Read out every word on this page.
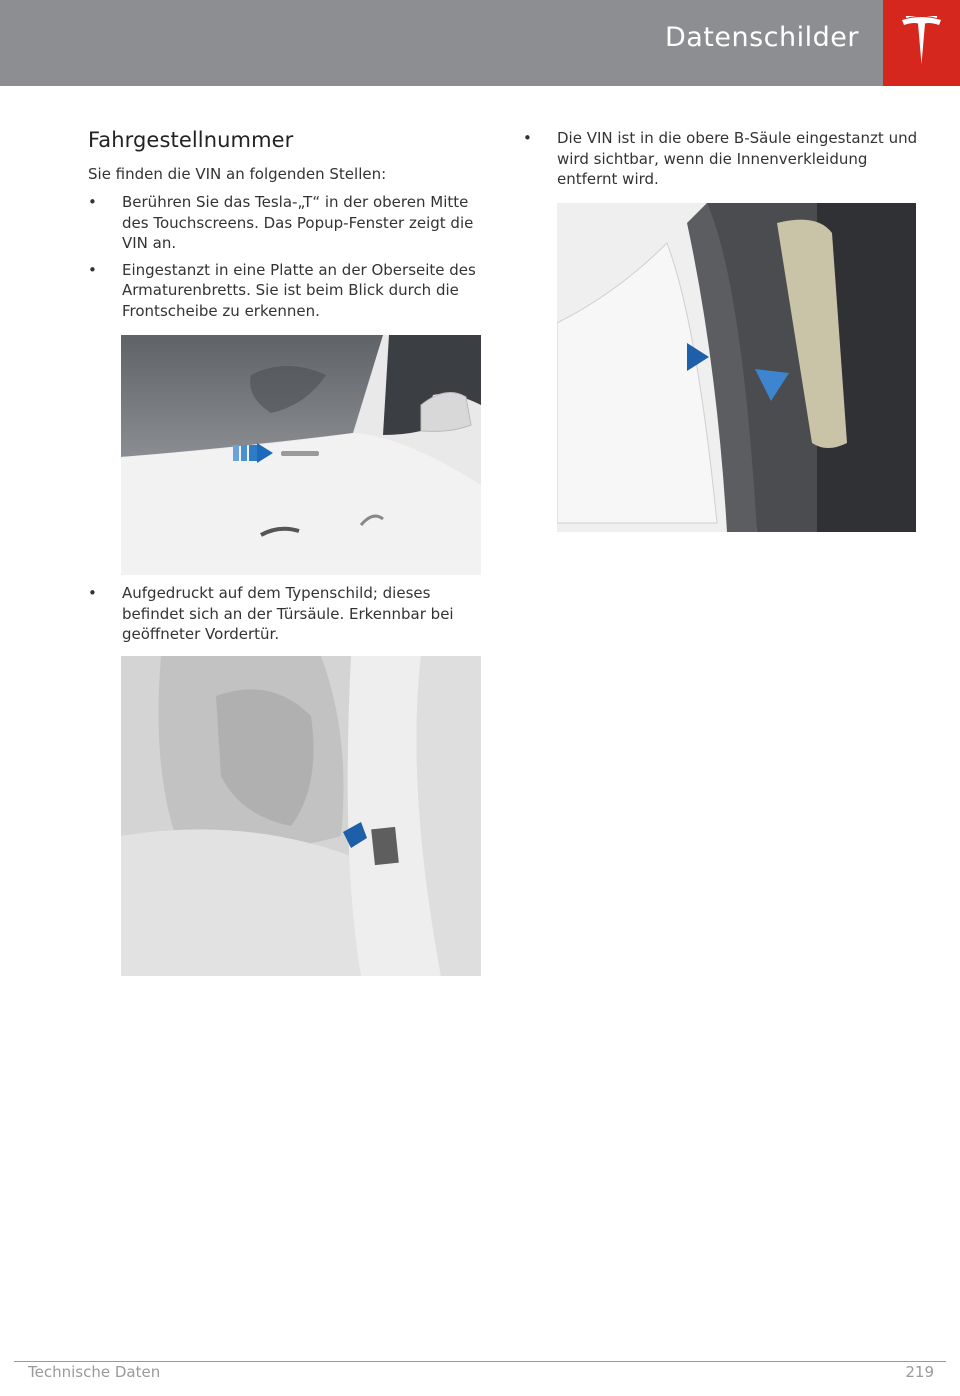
Datenschilder
Fahrgestellnummer

Sie finden die VIN an folgenden Stellen:

• Berühren Sie das Tesla-„T“ in der oberen Mitte des Touchscreens. Das Popup-Fenster zeigt die VIN an.
• Eingestanzt in eine Platte an der Oberseite des Armaturenbretts. Sie ist beim Blick durch die Frontscheibe zu erkennen.
• Aufgedruckt auf dem Typenschild; dieses befindet sich an der Türsäule. Erkennbar bei geöffneter Vordertür.
• Die VIN ist in die obere B-Säule eingestanzt und wird sichtbar, wenn die Innenverkleidung entfernt wird.
Technische Daten	219
